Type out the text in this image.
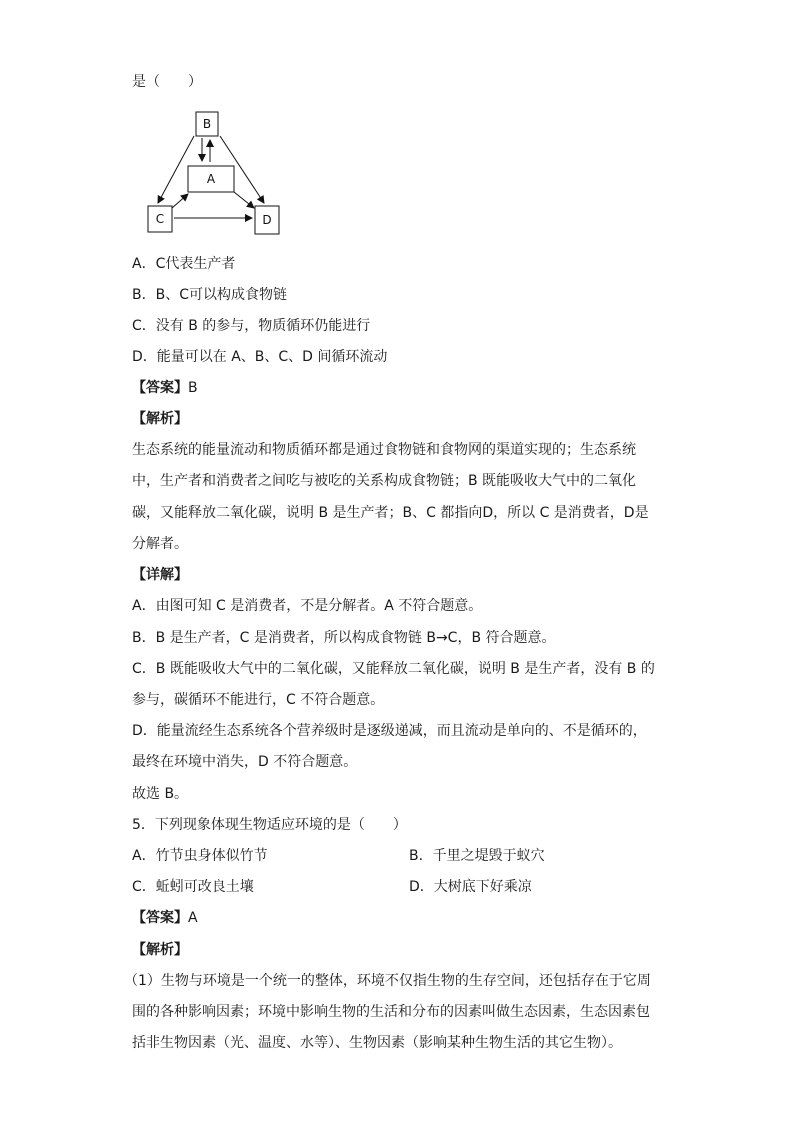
是（　　）
B
A
C	D
A．C代表生产者
B．B、C可以构成食物链
C．没有 B 的参与，物质循环仍能进行
D．能量可以在 A、B、C、D 间循环流动
【答案】B
【解析】
生态系统的能量流动和物质循环都是通过食物链和食物网的渠道实现的；生态系统
中，生产者和消费者之间吃与被吃的关系构成食物链；B 既能吸收大气中的二氧化
碳，又能释放二氧化碳，说明 B 是生产者；B、C 都指向D，所以 C 是消费者，D是
分解者。
【详解】
A．由图可知 C 是消费者，不是分解者。A 不符合题意。
B．B 是生产者，C 是消费者，所以构成食物链 B→C，B 符合题意。
C．B 既能吸收大气中的二氧化碳，又能释放二氧化碳，说明 B 是生产者，没有 B 的
参与，碳循环不能进行，C 不符合题意。
D．能量流经生态系统各个营养级时是逐级递减，而且流动是单向的、不是循环的，
最终在环境中消失，D 不符合题意。
故选 B。
5．下列现象体现生物适应环境的是（　　）
A．竹节虫身体似竹节	B．千里之堤毁于蚁穴
C．蚯蚓可改良土壤	D．大树底下好乘凉
【答案】A
【解析】
（1）生物与环境是一个统一的整体，环境不仅指生物的生存空间，还包括存在于它周
围的各种影响因素；环境中影响生物的生活和分布的因素叫做生态因素，生态因素包
括非生物因素（光、温度、水等）、生物因素（影响某种生物生活的其它生物）。
